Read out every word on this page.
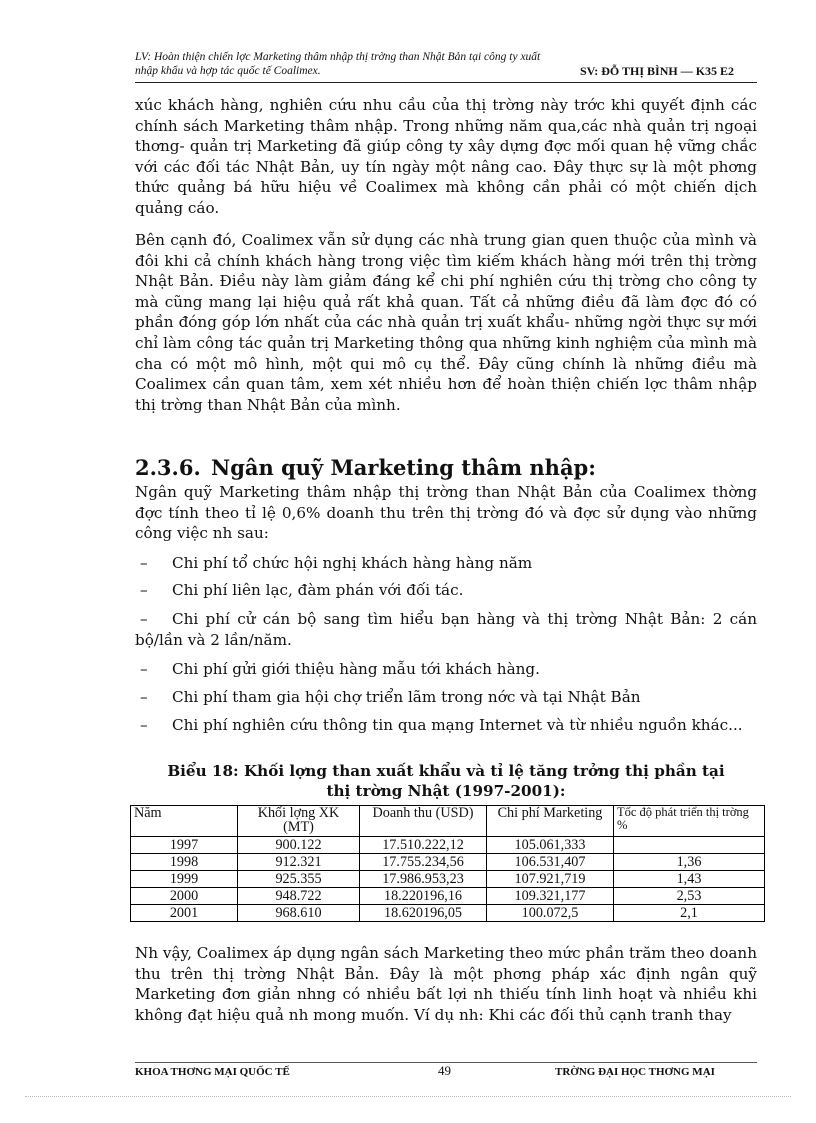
LV: Hoàn thiện chiến lợc Marketing thâm nhập thị trờng than Nhật Bản tại công ty xuất
nhập khẩu và hợp tác quốc tế Coalimex.	SV: ĐỖ THỊ BÌNH — K35 E2

xúc khách hàng, nghiên cứu nhu cầu của thị trờng này trớc khi quyết định các chính sách Marketing thâm nhập. Trong những năm qua,các nhà quản trị ngoại thơng- quản trị Marketing đã giúp công ty xây dựng đợc mối quan hệ vững chắc với các đối tác Nhật Bản, uy tín ngày một nâng cao. Đây thực sự là một phơng thức quảng bá hữu hiệu về Coalimex mà không cần phải có một chiến dịch quảng cáo.

Bên cạnh đó, Coalimex vẫn sử dụng các nhà trung gian quen thuộc của mình và đôi khi cả chính khách hàng trong việc tìm kiếm khách hàng mới trên thị trờng Nhật Bản. Điều này làm giảm đáng kể chi phí nghiên cứu thị trờng cho công ty mà cũng mang lại hiệu quả rất khả quan. Tất cả những điều đã làm đợc đó có phần đóng góp lớn nhất của các nhà quản trị xuất khẩu- những ngời thực sự mới chỉ làm công tác quản trị Marketing thông qua những kinh nghiệm của mình mà cha có một mô hình, một qui mô cụ thể. Đây cũng chính là những điều mà Coalimex cần quan tâm, xem xét nhiều hơn để hoàn thiện chiến lợc thâm nhập thị trờng than Nhật Bản của mình.

2.3.6. Ngân quỹ Marketing thâm nhập:

Ngân quỹ Marketing thâm nhập thị trờng than Nhật Bản của Coalimex thờng đợc tính theo tỉ lệ 0,6% doanh thu trên thị trờng đó và đợc sử dụng vào những công việc nh sau:

– Chi phí tổ chức hội nghị khách hàng hàng năm

– Chi phí liên lạc, đàm phán với đối tác.

– Chi phí cử cán bộ sang tìm hiểu bạn hàng và thị trờng Nhật Bản: 2 cán bộ/lần và 2 lần/năm.

– Chi phí gửi giới thiệu hàng mẫu tới khách hàng.

– Chi phí tham gia hội chợ triển lãm trong nớc và tại Nhật Bản

– Chi phí nghiên cứu thông tin qua mạng Internet và từ nhiều nguồn khác...

Biểu 18: Khối lợng than xuất khẩu và tỉ lệ tăng trởng thị phần tại

thị trờng Nhật (1997-2001):

Năm	Khối lợng XK (MT)	Doanh thu (USD)	Chi phí Marketing	Tốc độ phát triển thị trờng %
1997	900.122	17.510.222,12	105.061,333	
1998	912.321	17.755.234,56	106.531,407	1,36
1999	925.355	17.986.953,23	107.921,719	1,43
2000	948.722	18.220196,16	109.321,177	2,53
2001	968.610	18.620196,05	100.072,5	2,1

Nh vậy, Coalimex áp dụng ngân sách Marketing theo mức phần trăm theo doanh thu trên thị trờng Nhật Bản. Đây là một phơng pháp xác định ngân quỹ Marketing đơn giản nhng có nhiều bất lợi nh thiếu tính linh hoạt và nhiều khi không đạt hiệu quả nh mong muốn. Ví dụ nh: Khi các đối thủ cạnh tranh thay

KHOA THƠNG MẠI QUỐC TẾ	49	TRỜNG ĐẠI HỌC THƠNG MẠI
